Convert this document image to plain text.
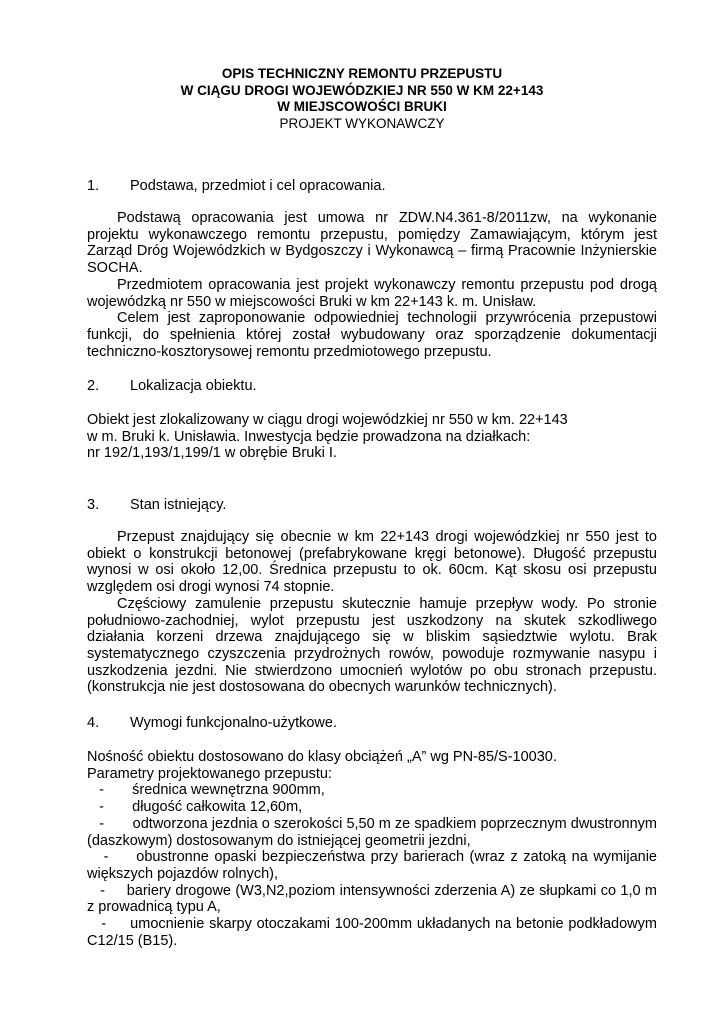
OPIS TECHNICZNY REMONTU PRZEPUSTU
W CIĄGU DROGI WOJEWÓDZKIEJ NR 550 W KM 22+143
W MIEJSCOWOŚCI BRUKI
PROJEKT WYKONAWCZY
1. Podstawa, przedmiot i cel opracowania.

Podstawą opracowania jest umowa nr ZDW.N4.361-8/2011zw, na wykonanie projektu wykonawczego remontu przepustu, pomiędzy Zamawiającym, którym jest Zarząd Dróg Wojewódzkich w Bydgoszczy i Wykonawcą – firmą Pracownie Inżynierskie SOCHA.

Przedmiotem opracowania jest projekt wykonawczy remontu przepustu pod drogą wojewódzką nr 550 w miejscowości Bruki w km 22+143 k. m. Unisław.

Celem jest zaproponowanie odpowiedniej technologii przywrócenia przepustowi funkcji, do spełnienia której został wybudowany oraz sporządzenie dokumentacji techniczno-kosztorysowej remontu przedmiotowego przepustu.

2. Lokalizacja obiektu.
Obiekt jest zlokalizowany w ciągu drogi wojewódzkiej nr 550 w km. 22+143
w m. Bruki k. Unisławia. Inwestycja będzie prowadzona na działkach:
nr 192/1,193/1,199/1 w obrębie Bruki I.
3. Stan istniejący.

Przepust znajdujący się obecnie w km 22+143 drogi wojewódzkiej nr 550 jest to obiekt o konstrukcji betonowej (prefabrykowane kręgi betonowe). Długość przepustu wynosi w osi około 12,00. Średnica przepustu to ok. 60cm. Kąt skosu osi przepustu względem osi drogi wynosi 74 stopnie.

Częściowy zamulenie przepustu skutecznie hamuje przepływ wody. Po stronie południowo-zachodniej, wylot przepustu jest uszkodzony na skutek szkodliwego działania korzeni drzewa znajdującego się w bliskim sąsiedztwie wylotu. Brak systematycznego czyszczenia przydrożnych rowów, powoduje rozmywanie nasypu i uszkodzenia jezdni. Nie stwierdzono umocnień wylotów po obu stronach przepustu. (konstrukcja nie jest dostosowana do obecnych warunków technicznych).

4. Wymogi funkcjonalno-użytkowe.
Nośność obiektu dostosowano do klasy obciążeń „A” wg PN-85/S-10030.
Parametry projektowanego przepustu:

- średnica wewnętrzna 900mm,

- długość całkowita 12,60m,

- odtworzona jezdnia o szerokości 5,50 m ze spadkiem poprzecznym dwustronnym (daszkowym) dostosowanym do istniejącej geometrii jezdni,

- obustronne opaski bezpieczeństwa przy barierach (wraz z zatoką na wymijanie większych pojazdów rolnych),

- bariery drogowe (W3,N2,poziom intensywności zderzenia A) ze słupkami co 1,0 m z prowadnicą typu A,

- umocnienie skarpy otoczakami 100-200mm układanych na betonie podkładowym C12/15 (B15).
